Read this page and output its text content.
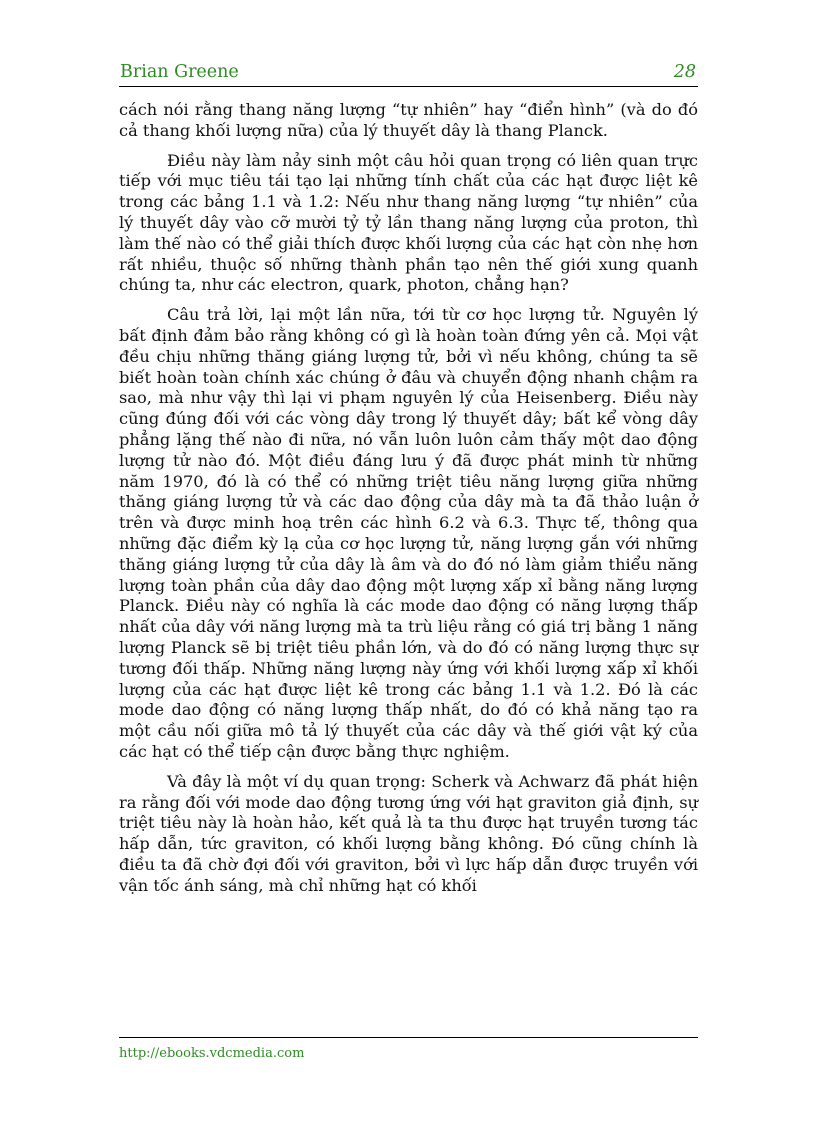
Brian Greene	28

cách nói rằng thang năng lượng “tự nhiên” hay “điển hình” (và do đó cả thang khối lượng nữa) của lý thuyết dây là thang Planck.

Điều này làm nảy sinh một câu hỏi quan trọng có liên quan trực tiếp với mục tiêu tái tạo lại những tính chất của các hạt được liệt kê trong các bảng 1.1 và 1.2: Nếu như thang năng lượng “tự nhiên” của lý thuyết dây vào cỡ mười tỷ tỷ lần thang năng lượng của proton, thì làm thế nào có thể giải thích được khối lượng của các hạt còn nhẹ hơn rất nhiều, thuộc số những thành phần tạo nên thế giới xung quanh chúng ta, như các electron, quark, photon, chẳng hạn?

Câu trả lời, lại một lần nữa, tới từ cơ học lượng tử. Nguyên lý bất định đảm bảo rằng không có gì là hoàn toàn đứng yên cả. Mọi vật đều chịu những thăng giáng lượng tử, bởi vì nếu không, chúng ta sẽ biết hoàn toàn chính xác chúng ở đâu và chuyển động nhanh chậm ra sao, mà như vậy thì lại vi phạm nguyên lý của Heisenberg. Điều này cũng đúng đối với các vòng dây trong lý thuyết dây; bất kể vòng dây phẳng lặng thế nào đi nữa, nó vẫn luôn luôn cảm thấy một dao động lượng tử nào đó. Một điều đáng lưu ý đã được phát minh từ những năm 1970, đó là có thể có những triệt tiêu năng lượng giữa những thăng giáng lượng tử và các dao động của dây mà ta đã thảo luận ở trên và được minh hoạ trên các hình 6.2 và 6.3. Thực tế, thông qua những đặc điểm kỳ lạ của cơ học lượng tử, năng lượng gắn với những thăng giáng lượng tử của dây là âm và do đó nó làm giảm thiểu năng lượng toàn phần của dây dao động một lượng xấp xỉ bằng năng lượng Planck. Điều này có nghĩa là các mode dao động có năng lượng thấp nhất của dây với năng lượng mà ta trù liệu rằng có giá trị bằng 1 năng lượng Planck sẽ bị triệt tiêu phần lớn, và do đó có năng lượng thực sự tương đối thấp. Những năng lượng này ứng với khối lượng xấp xỉ khối lượng của các hạt được liệt kê trong các bảng 1.1 và 1.2. Đó là các mode dao động có năng lượng thấp nhất, do đó có khả năng tạo ra một cầu nối giữa mô tả lý thuyết của các dây và thế giới vật ký của các hạt có thể tiếp cận được bằng thực nghiệm.

Và đây là một ví dụ quan trọng: Scherk và Achwarz đã phát hiện ra rằng đối với mode dao động tương ứng với hạt graviton giả định, sự triệt tiêu này là hoàn hảo, kết quả là ta thu được hạt truyền tương tác hấp dẫn, tức graviton, có khối lượng bằng không. Đó cũng chính là điều ta đã chờ đợi đối với graviton, bởi vì lực hấp dẫn được truyền với vận tốc ánh sáng, mà chỉ những hạt có khối

http://ebooks.vdcmedia.com
